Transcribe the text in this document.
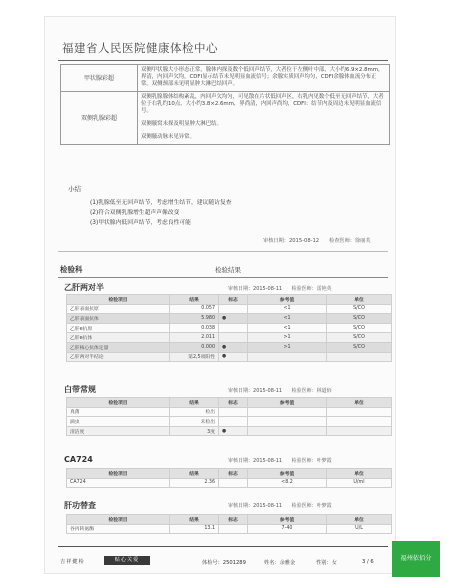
福建省人民医院健康体检中心
甲状腺彩超	双侧甲状腺大小形态正常，腺体内探及数个低回声结节，大者位于左侧叶中部，大小约6.9×2.8mm，界清，内回声欠均，CDFI显示结节未见明显血流信号；余腺实质回声均匀，CDFI余腺体血流分布正常。双侧颈部未见明显肿大淋巴结回声。

双侧乳腺彩超	双侧乳腺腺体结构紊乱，内回声欠均匀，可见散在片状低回声区，右乳内见数个低至无回声结节，大者位于右乳约10点，大小约3.8×2.6mm，界尚清，内回声尚均，CDFI：结节内及周边未见明显血流信号。

双侧腋窝未探及明显肿大淋巴结。

双侧腋动脉未见异常。

小结
(1)乳腺低至无回声结节，考虑增生结节，建议随访复查
(2)符合双侧乳腺增生超声声像改变
(3)甲状腺内低回声结节，考虑良性可能
审核日期：2015-08-12 检查医师：徐丽芙
检验科	检验结果
乙肝两对半	审核日期：2015-08-11 检验医师：雷艳英
检验项目	结果	标志	参考值	单位
乙肝表面抗原	0.057		<1	S/CO
乙肝表面抗体	5.980	●	<1	S/CO
乙肝e抗原	0.038		<1	S/CO
乙肝e抗体	2.011		>1	S/CO
乙肝核心抗体定量	0.000	●	>1	S/CO
乙肝两对半结论	第2,5项阳性	●		
白带常规	审核日期：2015-08-11 检验医师：林道佰
检验项目	结果	标志	参考值	单位
真菌	检出			
滴虫	未检出			
清洁度	3度	●		
CA724	审核日期：2015-08-11 检验医师：叶梦霞
检验项目	结果	标志	参考值	单位
CA724	2.36		<8.2	U/ml
肝功替查	审核日期：2015-08-11 检验医师：叶梦霞
检验项目	结果	标志	参考值	单位
谷丙转氨酶	13.1		7-40	U/L
吉祥健检	贴心关爱	体检号：2501289	姓名：余雅金	性别：女	3 / 6	福州依佰分
